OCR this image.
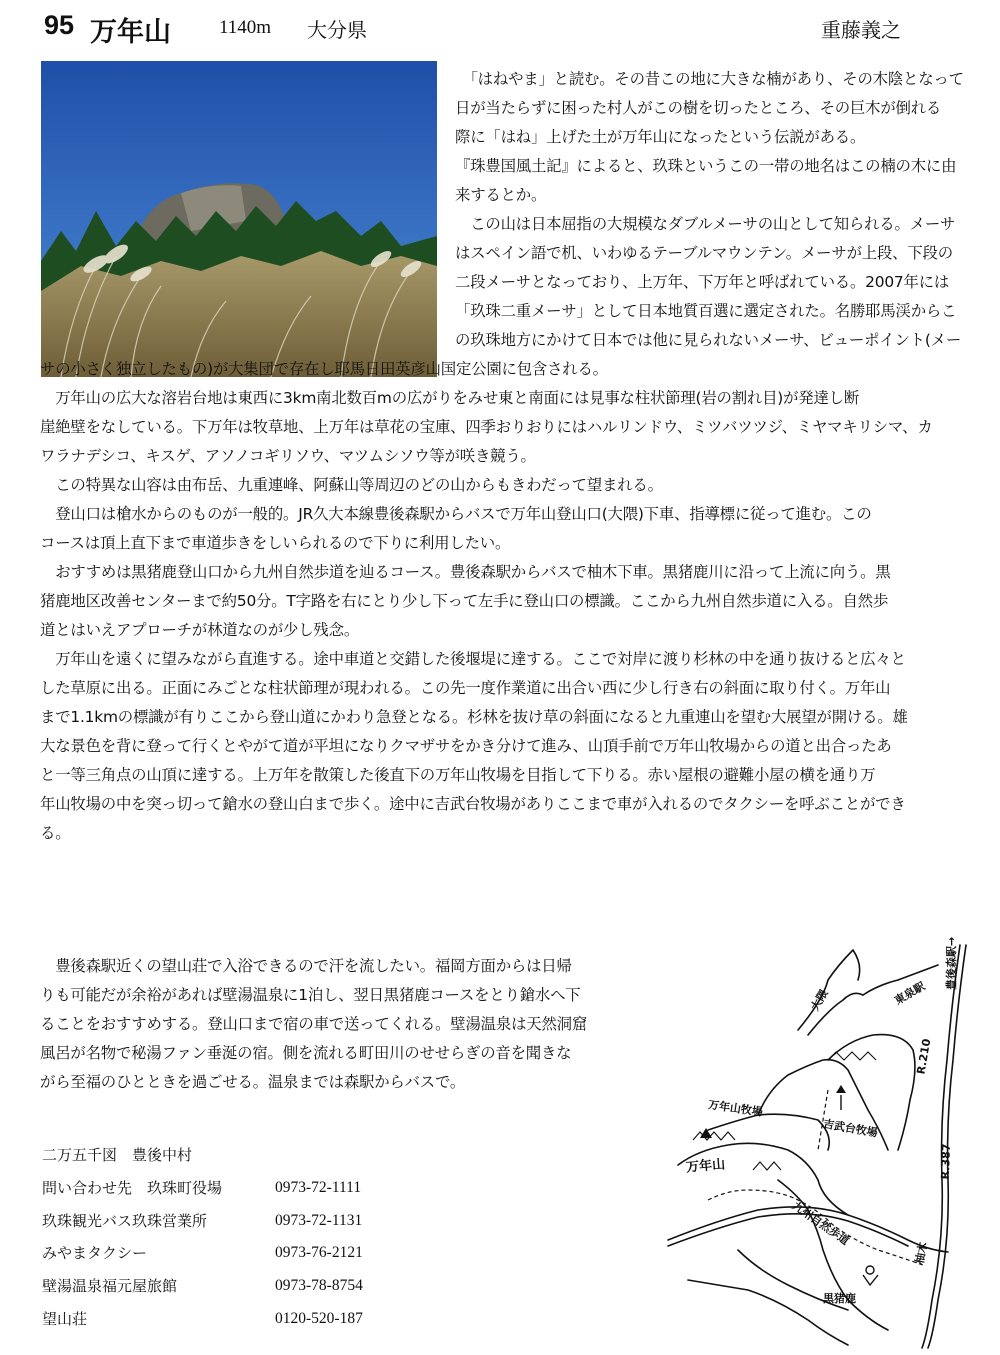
95 万年山	1140m 大分県	重藤義之
　「はねやま」と読む。その昔この地に大きな楠があり、その木陰となって
日が当たらずに困った村人がこの樹を切ったところ、その巨木が倒れる
際に「はね」上げた土が万年山になったという伝説がある。
『珠豊国風土記』によると、玖珠というこの一帯の地名はこの楠の木に由
来するとか。
　この山は日本屈指の大規模なダブルメーサの山として知られる。メーサ
はスペイン語で机、いわゆるテーブルマウンテン。メーサが上段、下段の
二段メーサとなっており、上万年、下万年と呼ばれている。2007年には
「玖珠二重メーサ」として日本地質百選に選定された。名勝耶馬渓からこ
の玖珠地方にかけて日本では他に見られないメーサ、ビューポイント(メー
サの小さく独立したもの)が大集団で存在し耶馬日田英彦山国定公園に包含される。
　万年山の広大な溶岩台地は東西に3km南北数百mの広がりをみせ東と南面には見事な柱状節理(岩の割れ目)が発達し断
崖絶壁をなしている。下万年は牧草地、上万年は草花の宝庫、四季おりおりにはハルリンドウ、ミツバツツジ、ミヤマキリシマ、カ
ワラナデシコ、キスゲ、アソノコギリソウ、マツムシソウ等が咲き競う。
　この特異な山容は由布岳、九重連峰、阿蘇山等周辺のどの山からもきわだって望まれる。
　登山口は槍水からのものが一般的。JR久大本線豊後森駅からバスで万年山登山口(大隈)下車、指導標に従って進む。この
コースは頂上直下まで車道歩きをしいられるので下りに利用したい。
　おすすめは黒猪鹿登山口から九州自然歩道を辿るコース。豊後森駅からバスで柚木下車。黒猪鹿川に沿って上流に向う。黒
猪鹿地区改善センターまで約50分。T字路を右にとり少し下って左手に登山口の標識。ここから九州自然歩道に入る。自然歩
道とはいえアプローチが林道なのが少し残念。
　万年山を遠くに望みながら直進する。途中車道と交錯した後堰堤に達する。ここで対岸に渡り杉林の中を通り抜けると広々と
した草原に出る。正面にみごとな柱状節理が現われる。この先一度作業道に出合い西に少し行き右の斜面に取り付く。万年山
まで1.1kmの標識が有りここから登山道にかわり急登となる。杉林を抜け草の斜面になると九重連山を望む大展望が開ける。雄
大な景色を背に登って行くとやがて道が平坦になりクマザサをかき分けて進み、山頂手前で万年山牧場からの道と出合ったあ
と一等三角点の山頂に達する。上万年を散策した後直下の万年山牧場を目指して下りる。赤い屋根の避難小屋の横を通り万
年山牧場の中を突っ切って鎗水の登山白まで歩く。途中に吉武台牧場がありここまで車が入れるのでタクシーを呼ぶことができ
る。
　豊後森駅近くの望山荘で入浴できるので汗を流したい。福岡方面からは日帰
りも可能だが余裕があれば壁湯温泉に1泊し、翌日黒猪鹿コースをとり鎗水へ下
ることをおすすめする。登山口まで宿の車で送ってくれる。壁湯温泉は天然洞窟
風呂が名物で秘湯ファン垂涎の宿。側を流れる町田川のせせらぎの音を聞きな
がら至福のひとときを過ごせる。温泉までは森駅からバスで。
二万五千図　豊後中村
問い合わせ先　玖珠町役場	0973-72-1111
玖珠観光バス玖珠営業所	0973-72-1131
みやまタクシー	0973-76-2121
壁湯温泉福元屋旅館	0973-78-8754
望山荘	0120-520-187
大隈	東泉駅
豊後森駅→
R.210
R.387
万年山牧場
吉武台牧場
万年山
九州自然歩道
柚木
黒猪鹿
